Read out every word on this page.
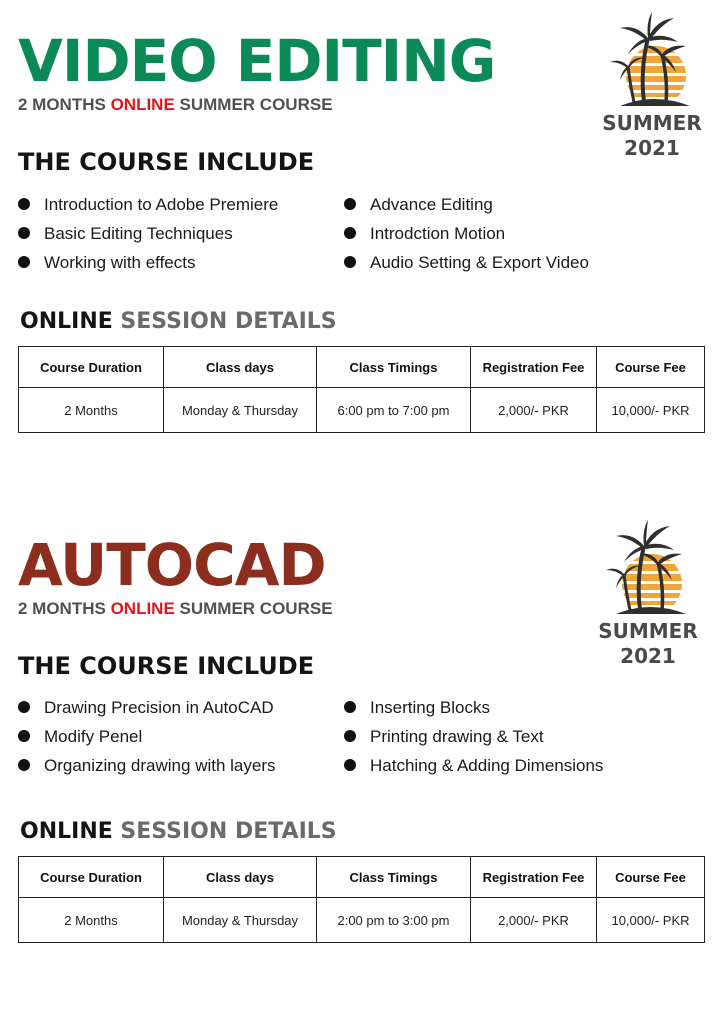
VIDEO EDITING
2 MONTHS ONLINE SUMMER COURSE
SUMMER
2021
THE COURSE INCLUDE
Introduction to Adobe Premiere
Basic Editing Techniques
Working with effects
Advance Editing
Introdction Motion
Audio Setting & Export Video
ONLINE SESSION DETAILS
Course Duration	Class days	Class Timings	Registration Fee	Course Fee
2 Months	Monday & Thursday	6:00 pm to 7:00 pm	2,000/- PKR	10,000/- PKR
AUTOCAD
2 MONTHS ONLINE SUMMER COURSE
SUMMER
2021
THE COURSE INCLUDE
Drawing Precision in AutoCAD
Modify Penel
Organizing drawing with layers
Inserting Blocks
Printing drawing & Text
Hatching & Adding Dimensions
ONLINE SESSION DETAILS
Course Duration	Class days	Class Timings	Registration Fee	Course Fee
2 Months	Monday & Thursday	2:00 pm to 3:00 pm	2,000/- PKR	10,000/- PKR
